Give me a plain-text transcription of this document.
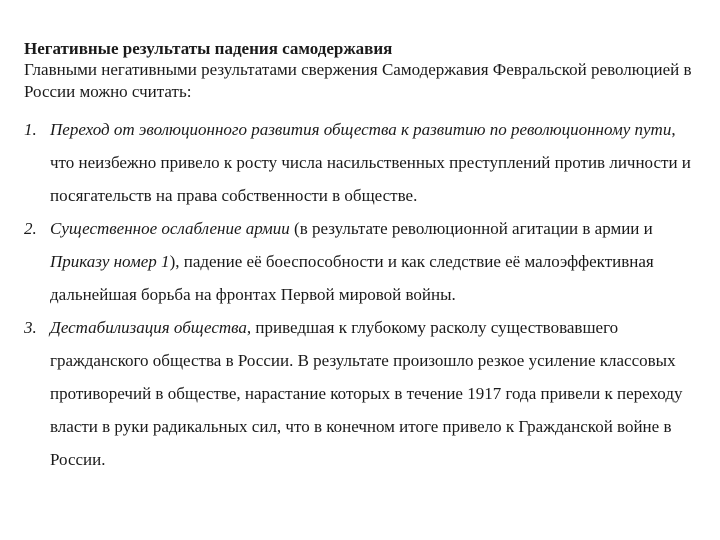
Негативные результаты падения самодержавия

Главными негативными результатами свержения Самодержавия Февральской революцией в России можно считать:

1. Переход от эволюционного развития общества к развитию по революционному пути, что неизбежно привело к росту числа насильственных преступлений против личности и посягательств на права собственности в обществе.
2. Существенное ослабление армии (в результате революционной агитации в армии и Приказу номер 1), падение её боеспособности и как следствие её малоэффективная дальнейшая борьба на фронтах Первой мировой войны.
3. Дестабилизация общества, приведшая к глубокому расколу существовавшего гражданского общества в России. В результате произошло резкое усиление классовых противоречий в обществе, нарастание которых в течение 1917 года привели к переходу власти в руки радикальных сил, что в конечном итоге привело к Гражданской войне в России.
